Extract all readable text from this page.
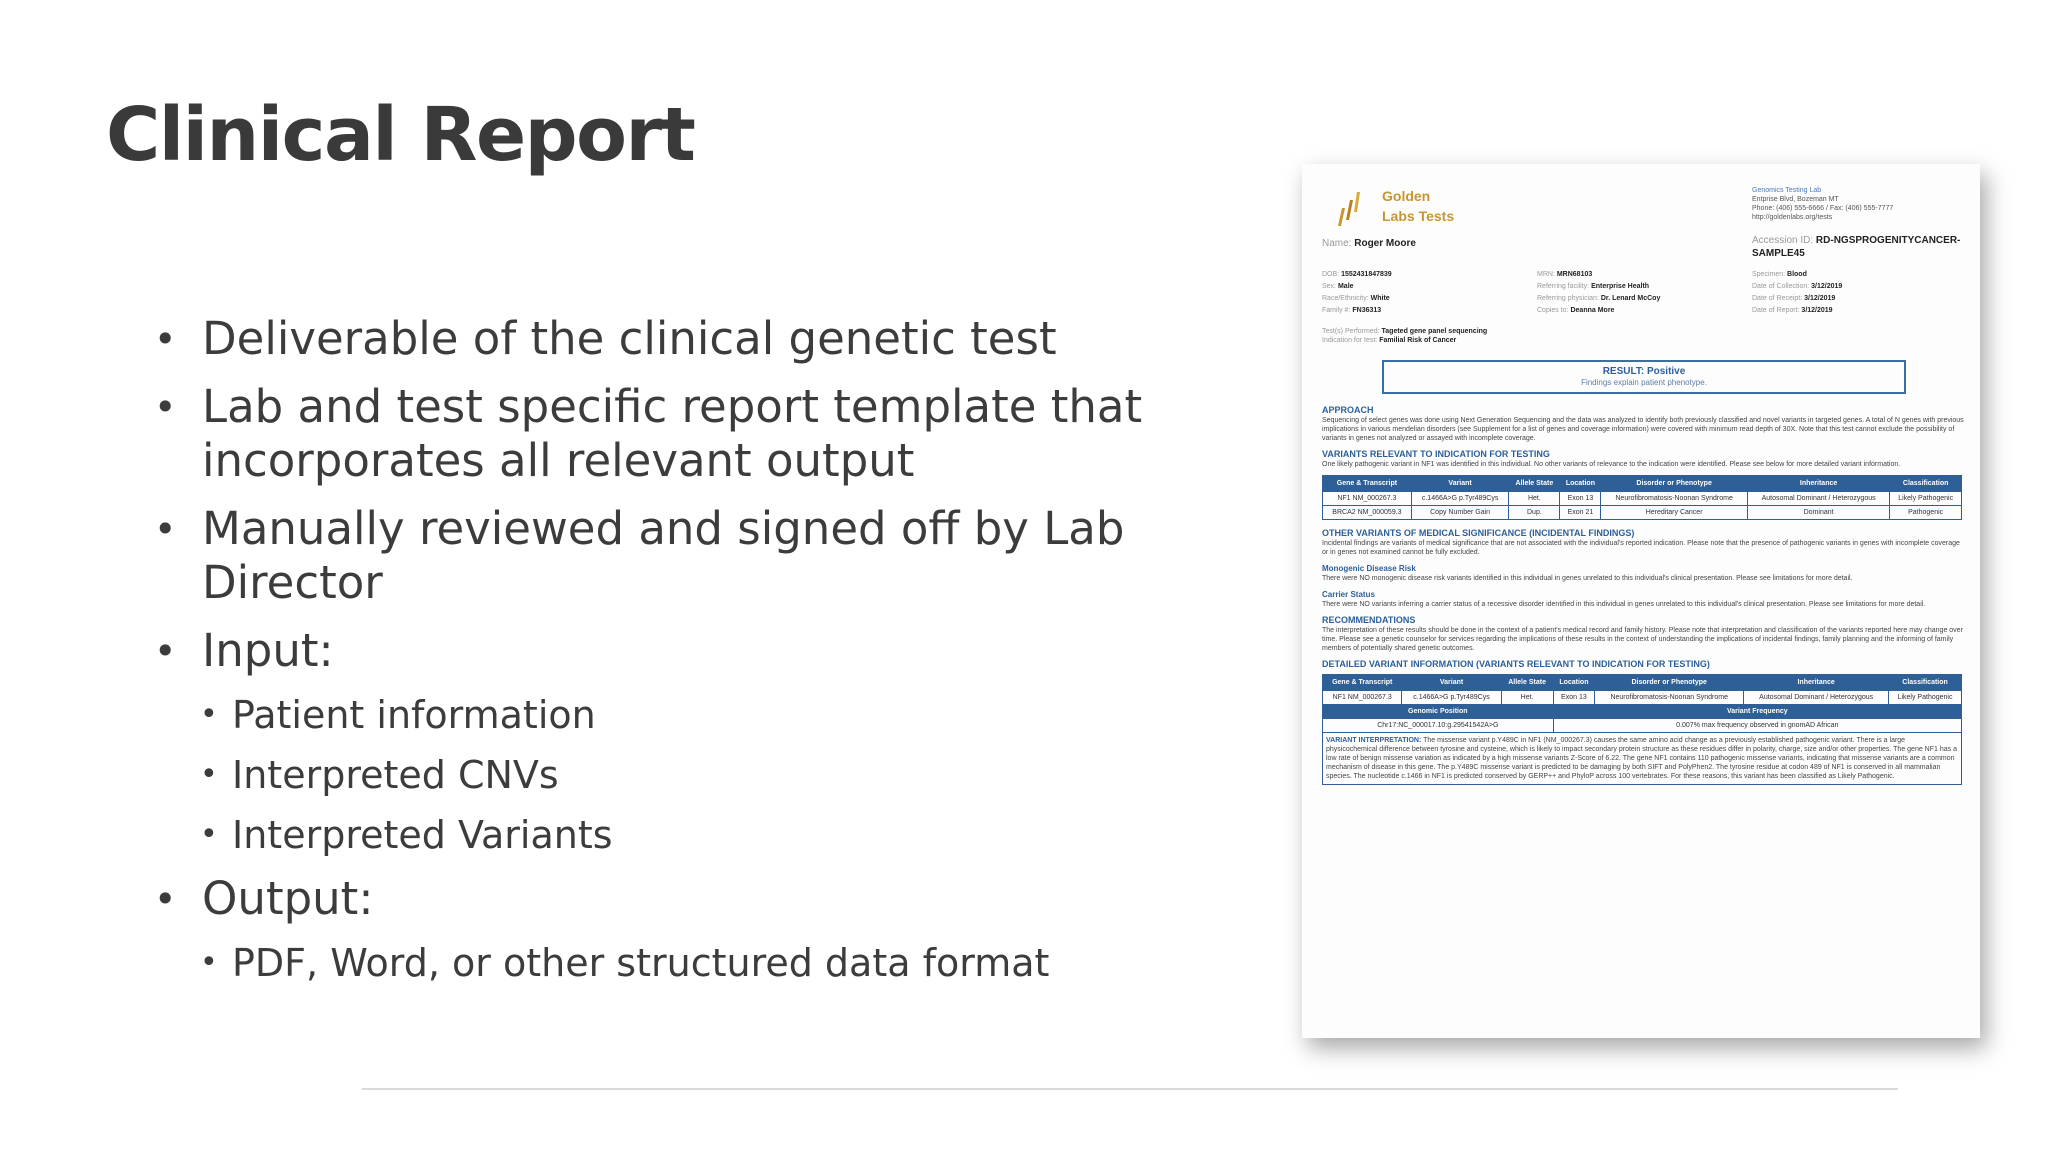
Clinical Report
• Deliverable of the clinical genetic test
• Lab and test specific report template that incorporates all relevant output
• Manually reviewed and signed off by Lab Director
• Input:
• Patient information
• Interpreted CNVs
• Interpreted Variants
• Output:
• PDF, Word, or other structured data format
Golden
Labs Tests
Genomics Testing Lab
Entprise Blvd, Bozeman MT
Phone: (406) 555-6666 / Fax: (406) 555-7777
http://goldenlabs.org/tests
Accession ID: RD-NGSPROGENITYCANCER-SAMPLE45
Name: Roger Moore
DOB: 1552431847839
Sex: Male
Race/Ethnicity: White
Family #: FN36313
MRN: MRN68103
Referring facility: Enterprise Health
Referring physician: Dr. Lenard McCoy
Copies to: Deanna More
Specimen: Blood
Date of Collection: 3/12/2019
Date of Receipt: 3/12/2019
Date of Report: 3/12/2019
Test(s) Performed: Tageted gene panel sequencing
Indication for test: Familial Risk of Cancer
RESULT: Positive
Findings explain patient phenotype.
APPROACH
Sequencing of select genes was done using Next Generation Sequencing and the data was analyzed to identify both previously classified and novel variants in targeted genes. A total of N genes with previous implications in various mendelian disorders (see Supplement for a list of genes and coverage information) were covered with minimum read depth of 30X. Note that this test cannot exclude the possibility of variants in genes not analyzed or assayed with incomplete coverage.
VARIANTS RELEVANT TO INDICATION FOR TESTING
One likely pathogenic variant in NF1 was identified in this individual. No other variants of relevance to the indication were identified. Please see below for more detailed variant information.
Gene & Transcript	Variant	Allele State	Location	Disorder or Phenotype	Inheritance	Classification
NF1 NM_000267.3	c.1466A>G p.Tyr489Cys	Het.	Exon 13	Neurofibromatosis-Noonan Syndrome	Autosomal Dominant / Heterozygous	Likely Pathogenic
BRCA2 NM_000059.3	Copy Number Gain	Dup.	Exon 21	Hereditary Cancer	Dominant	Pathogenic
OTHER VARIANTS OF MEDICAL SIGNIFICANCE (INCIDENTAL FINDINGS)
Incidental findings are variants of medical significance that are not associated with the individual's reported indication. Please note that the presence of pathogenic variants in genes with incomplete coverage or in genes not examined cannot be fully excluded.
Monogenic Disease Risk
There were NO monogenic disease risk variants identified in this individual in genes unrelated to this individual's clinical presentation. Please see limitations for more detail.
Carrier Status
There were NO variants inferring a carrier status of a recessive disorder identified in this individual in genes unrelated to this individual's clinical presentation. Please see limitations for more detail.
RECOMMENDATIONS
The interpretation of these results should be done in the context of a patient's medical record and family history. Please note that interpretation and classification of the variants reported here may change over time. Please see a genetic counselor for services regarding the implications of these results in the context of understanding the implications of incidental findings, family planning and the informing of family members of potentially shared genetic outcomes.
DETAILED VARIANT INFORMATION (VARIANTS RELEVANT TO INDICATION FOR TESTING)
Gene & Transcript	Variant	Allele State	Location	Disorder or Phenotype	Inheritance	Classification
NF1 NM_000267.3	c.1466A>G p.Tyr489Cys	Het.	Exon 13	Neurofibromatosis-Noonan Syndrome	Autosomal Dominant / Heterozygous	Likely Pathogenic
Genomic Position			Variant Frequency			
Chr17:NC_000017.10:g.29541542A>G			0.007% max frequency observed in gnomAD African			
VARIANT INTERPRETATION: The missense variant p.Y489C in NF1 (NM_000267.3) causes the same amino acid change as a previously established pathogenic variant. There is a large physicochemical difference between tyrosine and cysteine, which is likely to impact secondary protein structure as these residues differ in polarity, charge, size and/or other properties. The gene NF1 has a low rate of benign missense variation as indicated by a high missense variants Z-Score of 6.22. The gene NF1 contains 110 pathogenic missense variants, indicating that missense variants are a common mechanism of disease in this gene. The p.Y489C missense variant is predicted to be damaging by both SIFT and PolyPhen2. The tyrosine residue at codon 489 of NF1 is conserved in all mammalian species. The nucleotide c.1466 in NF1 is predicted conserved by GERP++ and PhyloP across 100 vertebrates. For these reasons, this variant has been classified as Likely Pathogenic.
